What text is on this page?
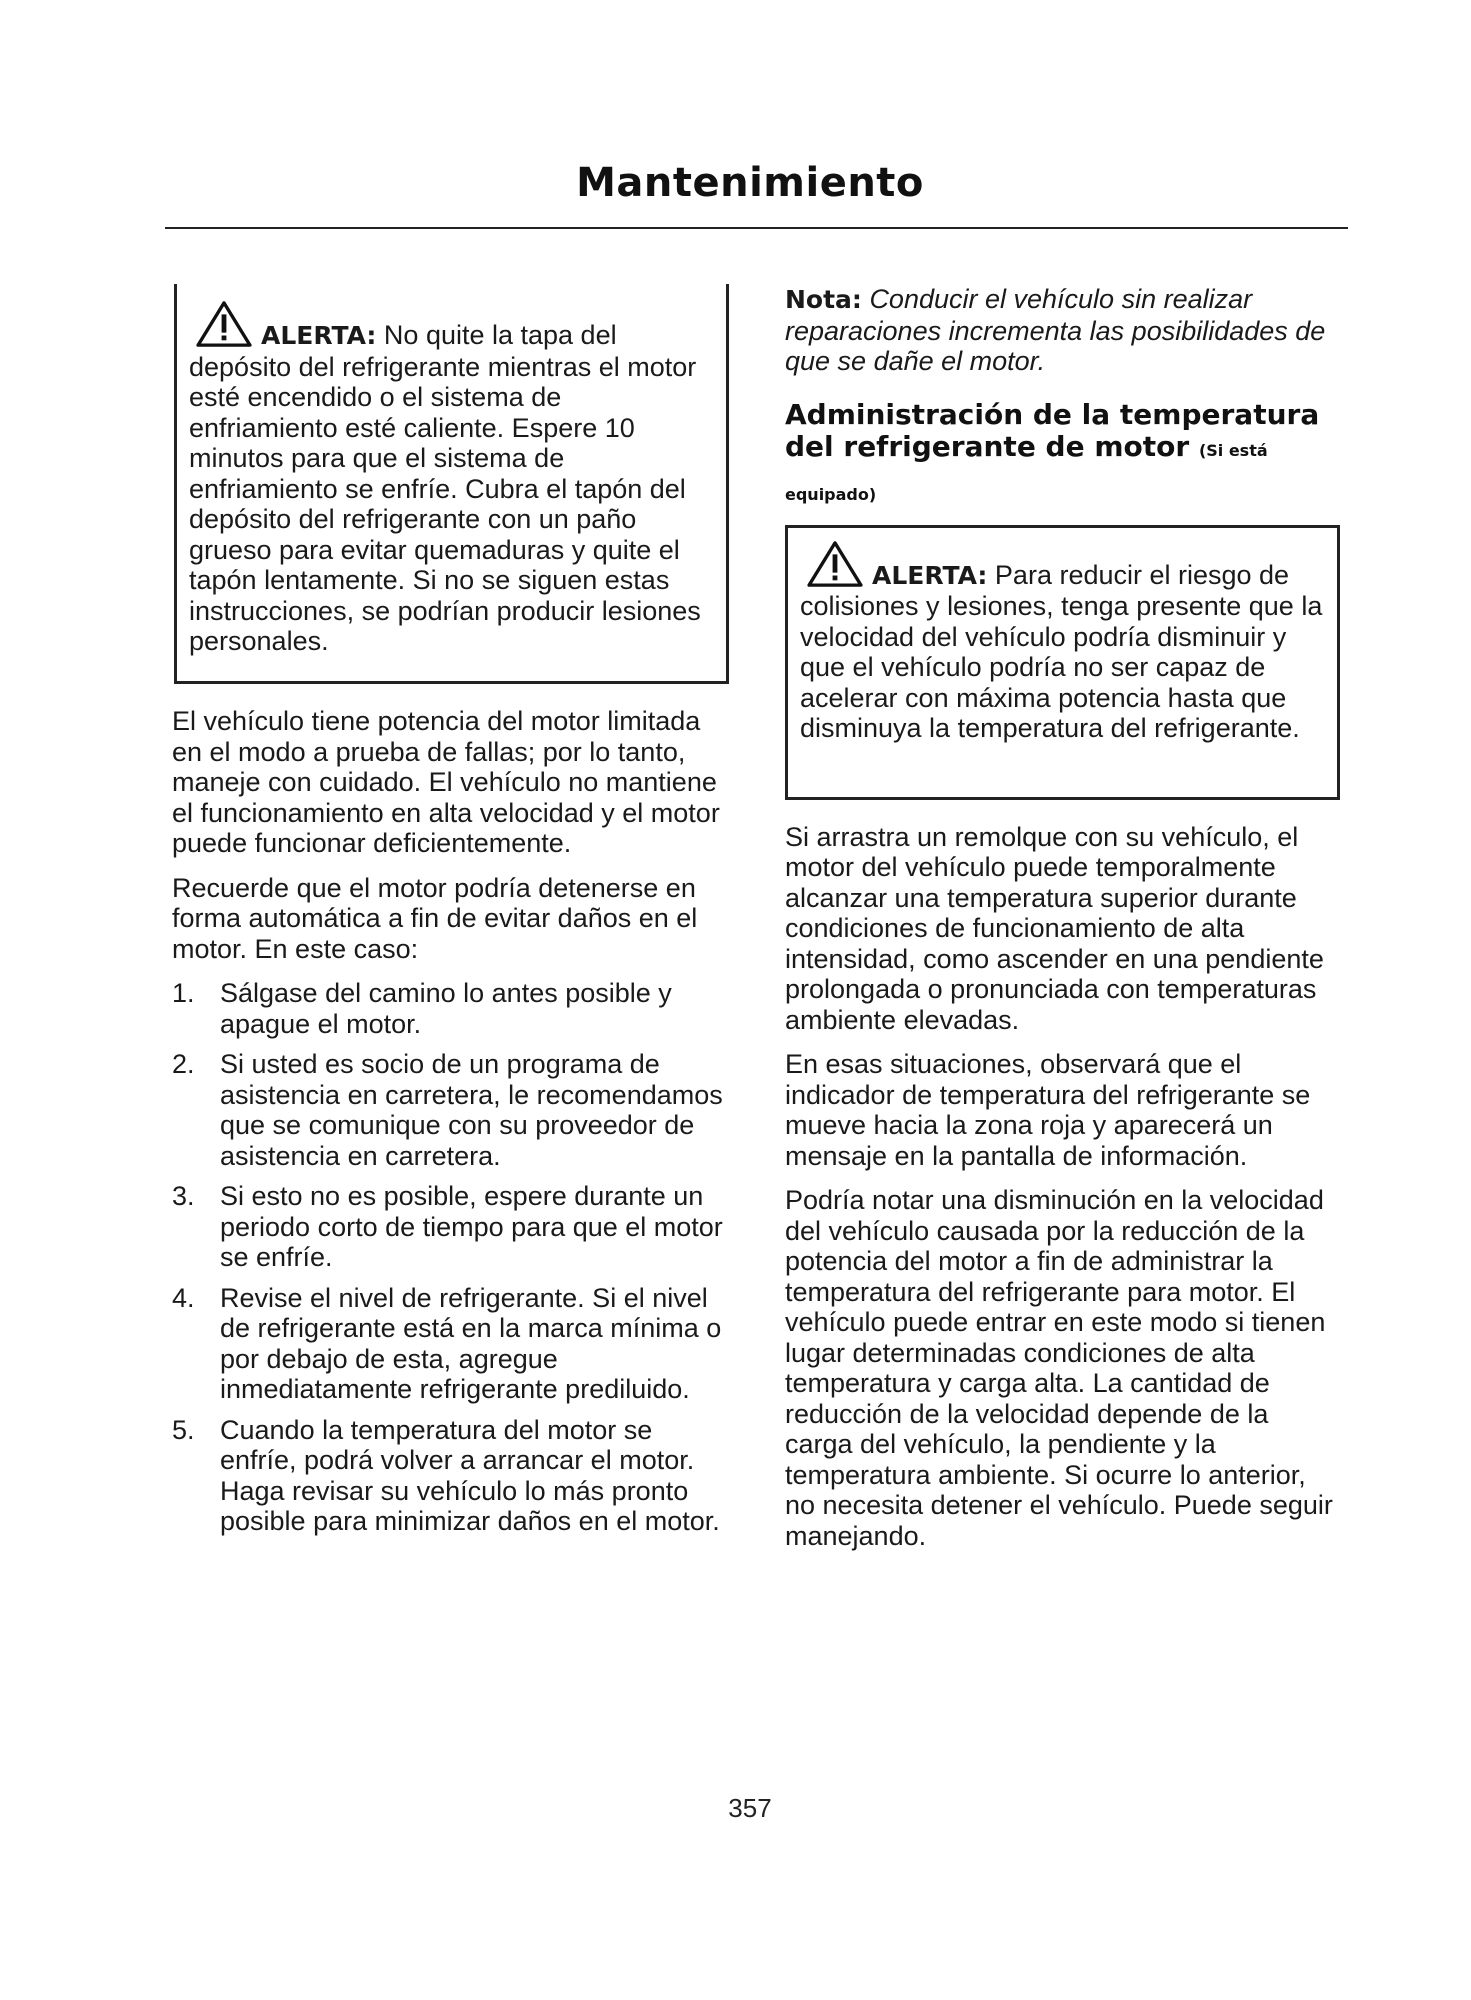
Mantenimiento
ALERTA: No quite la tapa del depósito del refrigerante mientras el motor esté encendido o el sistema de enfriamiento esté caliente. Espere 10 minutos para que el sistema de enfriamiento se enfríe. Cubra el tapón del depósito del refrigerante con un paño grueso para evitar quemaduras y quite el tapón lentamente. Si no se siguen estas instrucciones, se podrían producir lesiones personales.

El vehículo tiene potencia del motor limitada en el modo a prueba de fallas; por lo tanto, maneje con cuidado. El vehículo no mantiene el funcionamiento en alta velocidad y el motor puede funcionar deficientemente.

Recuerde que el motor podría detenerse en forma automática a fin de evitar daños en el motor. En este caso:

1. Sálgase del camino lo antes posible y apague el motor.
2. Si usted es socio de un programa de asistencia en carretera, le recomendamos que se comunique con su proveedor de asistencia en carretera.
3. Si esto no es posible, espere durante un periodo corto de tiempo para que el motor se enfríe.
4. Revise el nivel de refrigerante. Si el nivel de refrigerante está en la marca mínima o por debajo de esta, agregue inmediatamente refrigerante prediluido.
5. Cuando la temperatura del motor se enfríe, podrá volver a arrancar el motor. Haga revisar su vehículo lo más pronto posible para minimizar daños en el motor.

Nota: Conducir el vehículo sin realizar reparaciones incrementa las posibilidades de que se dañe el motor.

Administración de la temperatura del refrigerante de motor (Si está
equipado)
ALERTA: Para reducir el riesgo de colisiones y lesiones, tenga presente que la velocidad del vehículo podría disminuir y que el vehículo podría no ser capaz de acelerar con máxima potencia hasta que disminuya la temperatura del refrigerante.

Si arrastra un remolque con su vehículo, el motor del vehículo puede temporalmente alcanzar una temperatura superior durante condiciones de funcionamiento de alta intensidad, como ascender en una pendiente prolongada o pronunciada con temperaturas ambiente elevadas.

En esas situaciones, observará que el indicador de temperatura del refrigerante se mueve hacia la zona roja y aparecerá un mensaje en la pantalla de información.

Podría notar una disminución en la velocidad del vehículo causada por la reducción de la potencia del motor a fin de administrar la temperatura del refrigerante para motor. El vehículo puede entrar en este modo si tienen lugar determinadas condiciones de alta temperatura y carga alta. La cantidad de reducción de la velocidad depende de la carga del vehículo, la pendiente y la temperatura ambiente. Si ocurre lo anterior, no necesita detener el vehículo. Puede seguir manejando.

357
